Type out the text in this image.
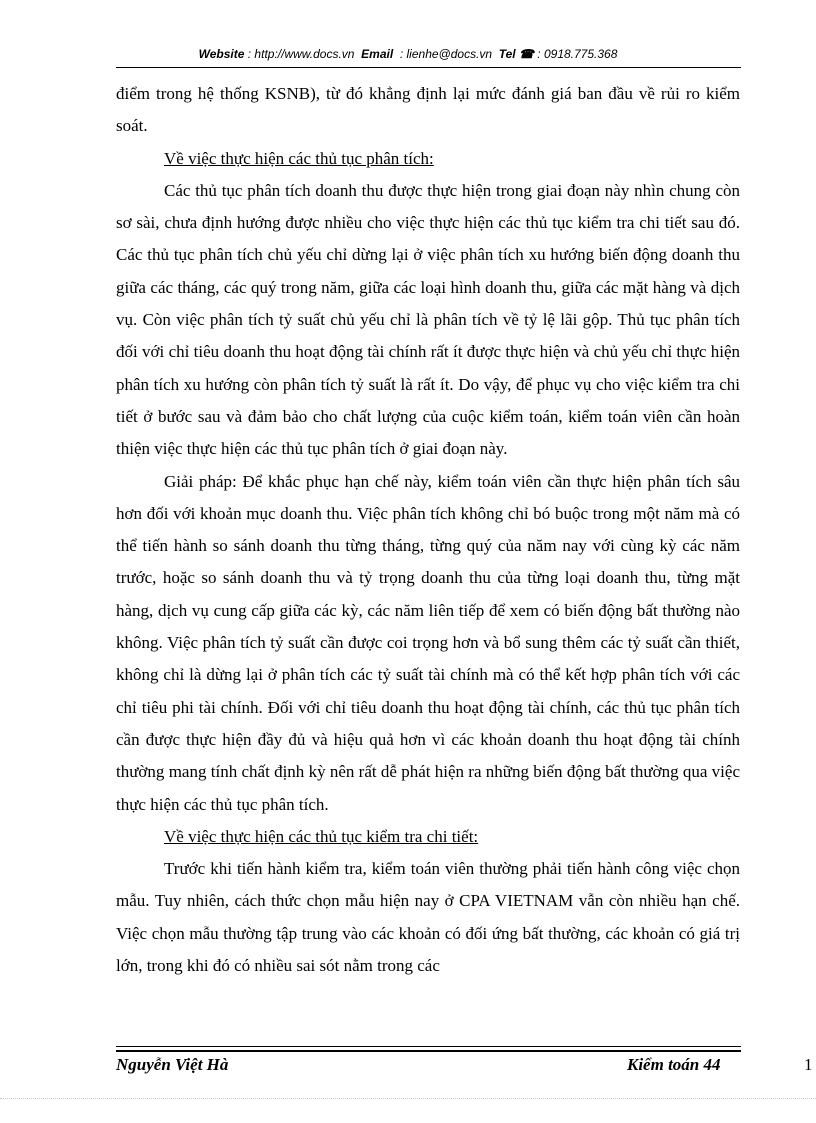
Website : http://www.docs.vn Email : lienhe@docs.vn Tel ☎ : 0918.775.368

điểm trong hệ thống KSNB), từ đó khẳng định lại mức đánh giá ban đầu về rủi ro kiểm soát.

Về việc thực hiện các thủ tục phân tích:

Các thủ tục phân tích doanh thu được thực hiện trong giai đoạn này nhìn chung còn sơ sài, chưa định hướng được nhiều cho việc thực hiện các thủ tục kiểm tra chi tiết sau đó. Các thủ tục phân tích chủ yếu chỉ dừng lại ở việc phân tích xu hướng biến động doanh thu giữa các tháng, các quý trong năm, giữa các loại hình doanh thu, giữa các mặt hàng và dịch vụ. Còn việc phân tích tỷ suất chủ yếu chỉ là phân tích về tỷ lệ lãi gộp. Thủ tục phân tích đối với chỉ tiêu doanh thu hoạt động tài chính rất ít được thực hiện và chủ yếu chỉ thực hiện phân tích xu hướng còn phân tích tỷ suất là rất ít. Do vậy, để phục vụ cho việc kiểm tra chi tiết ở bước sau và đảm bảo cho chất lượng của cuộc kiểm toán, kiểm toán viên cần hoàn thiện việc thực hiện các thủ tục phân tích ở giai đoạn này.

Giải pháp: Để khắc phục hạn chế này, kiểm toán viên cần thực hiện phân tích sâu hơn đối với khoản mục doanh thu. Việc phân tích không chỉ bó buộc trong một năm mà có thể tiến hành so sánh doanh thu từng tháng, từng quý của năm nay với cùng kỳ các năm trước, hoặc so sánh doanh thu và tỷ trọng doanh thu của từng loại doanh thu, từng mặt hàng, dịch vụ cung cấp giữa các kỳ, các năm liên tiếp để xem có biến động bất thường nào không. Việc phân tích tỷ suất cần được coi trọng hơn và bổ sung thêm các tỷ suất cần thiết, không chỉ là dừng lại ở phân tích các tỷ suất tài chính mà có thể kết hợp phân tích với các chỉ tiêu phi tài chính. Đối với chỉ tiêu doanh thu hoạt động tài chính, các thủ tục phân tích cần được thực hiện đầy đủ và hiệu quả hơn vì các khoản doanh thu hoạt động tài chính thường mang tính chất định kỳ nên rất dễ phát hiện ra những biến động bất thường qua việc thực hiện các thủ tục phân tích.

Về việc thực hiện các thủ tục kiểm tra chi tiết:

Trước khi tiến hành kiểm tra, kiểm toán viên thường phải tiến hành công việc chọn mẫu. Tuy nhiên, cách thức chọn mẫu hiện nay ở CPA VIETNAM vẫn còn nhiều hạn chế. Việc chọn mẫu thường tập trung vào các khoản có đối ứng bất thường, các khoản có giá trị lớn, trong khi đó có nhiều sai sót nằm trong các

Nguyễn Việt Hà	Kiểm toán 44	1
